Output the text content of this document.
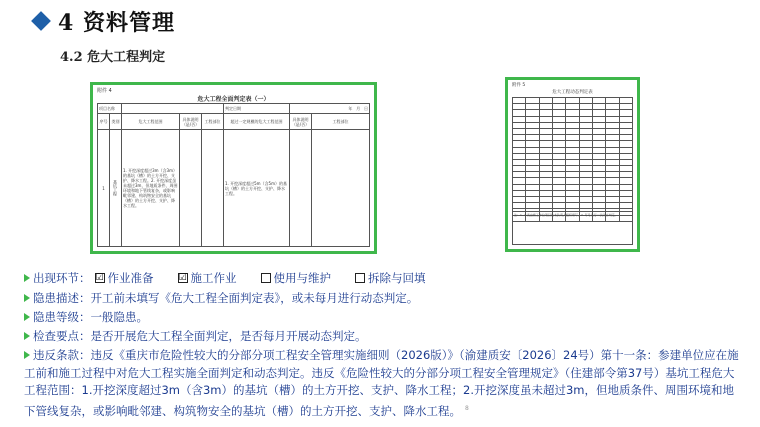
4 资料管理
4.2 危大工程判定
附件 4
危大工程全面判定表（一）
项目名称					判定日期	年 月 日	
序号	类别	危大工程范围	具体说明（是/否）	工程部位	超过一定规模的危大工程范围	具体说明（是/否）	工程部位
1	基坑工程	1. 开挖深度超过3m（含3m）的基坑（槽）的土方开挖、支护、降水工程。2. 开挖深度虽未超过3m，但地质条件、周围环境和地下管线复杂，或影响毗邻建、构筑物安全的基坑（槽）的土方开挖、支护、降水工程。			1. 开挖深度超过5m（含5m）的基坑（槽）的土方开挖、支护、降水工程。		
附件 5
危大工程动态判定表

注：1. 本表由施工单位项目技术负责人组织填写。2. 每月进行一次动态判定。
出现环节： ☑ 作业准备	☑ 施工作业	使用与维护	拆除与回填
隐患描述：开工前未填写《危大工程全面判定表》，或未每月进行动态判定。
隐患等级：一般隐患。
检查要点：是否开展危大工程全面判定，是否每月开展动态判定。
违反条款：违反《重庆市危险性较大的分部分项工程安全管理实施细则（2026版）》（渝建质安〔2026〕24号）第十一条：参建单位应在施工前和施工过程中对危大工程实施全面判定和动态判定。违反《危险性较大的分部分项工程安全管理规定》（住建部令第37号）基坑工程危大工程范围：1.开挖深度超过3m（含3m）的基坑（槽）的土方开挖、支护、降水工程；2.开挖深度虽未超过3m，但地质条件、周围环境和地下管线复杂，或影响毗邻建、构筑物安全的基坑（槽）的土方开挖、支护、降水工程。 $^8$
